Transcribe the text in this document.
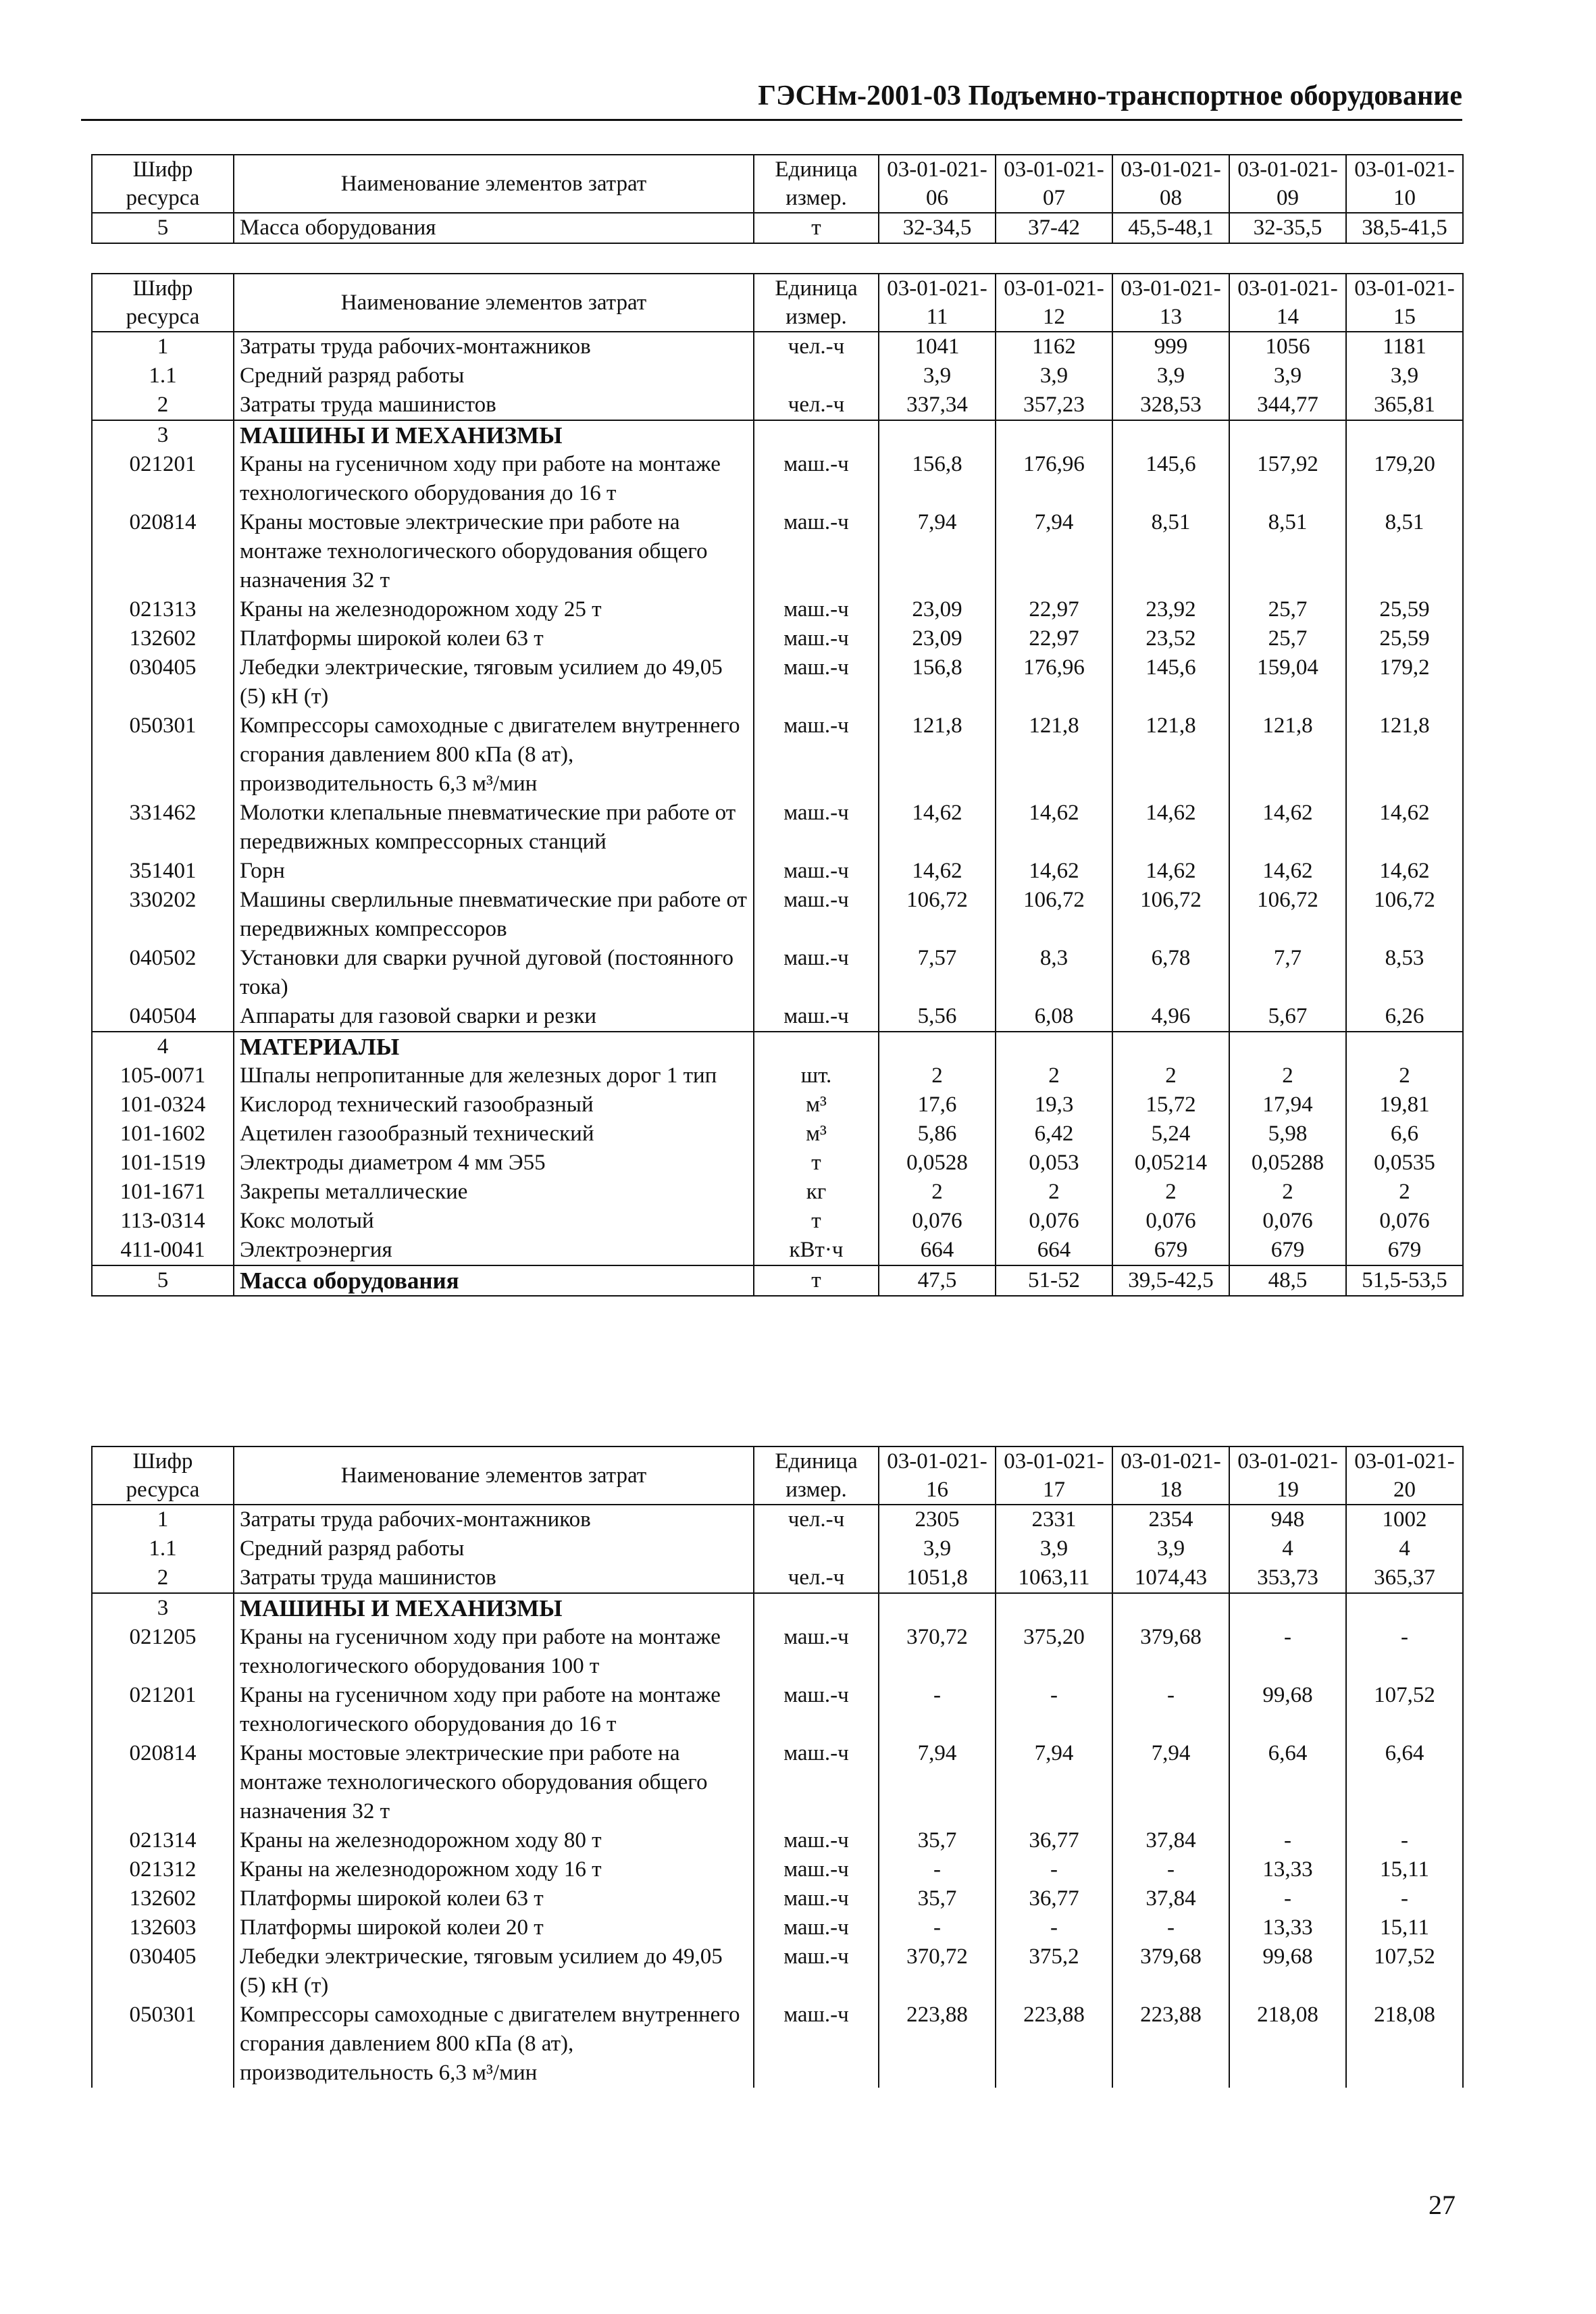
ГЭСНм-2001-03 Подъемно-транспортное оборудование
Шифр ресурса	Наименование элементов затрат	Единица измер.	03-01-021-06	03-01-021-07	03-01-021-08	03-01-021-09	03-01-021-10
5	Масса оборудования	т	32-34,5	37-42	45,5-48,1	32-35,5	38,5-41,5
Шифр ресурса	Наименование элементов затрат	Единица измер.	03-01-021-11	03-01-021-12	03-01-021-13	03-01-021-14	03-01-021-15
1	Затраты труда рабочих-монтажников	чел.-ч	1041	1162	999	1056	1181
1.1	Средний разряд работы		3,9	3,9	3,9	3,9	3,9
2	Затраты труда машинистов	чел.-ч	337,34	357,23	328,53	344,77	365,81
3	МАШИНЫ И МЕХАНИЗМЫ						
021201	Краны на гусеничном ходу при работе на монтаже технологического оборудования до 16 т	маш.-ч	156,8	176,96	145,6	157,92	179,20
020814	Краны мостовые электрические при работе на монтаже технологического оборудования общего назначения 32 т	маш.-ч	7,94	7,94	8,51	8,51	8,51
021313	Краны на железнодорожном ходу 25 т	маш.-ч	23,09	22,97	23,92	25,7	25,59
132602	Платформы широкой колеи 63 т	маш.-ч	23,09	22,97	23,52	25,7	25,59
030405	Лебедки электрические, тяговым усилием до 49,05 (5) кН (т)	маш.-ч	156,8	176,96	145,6	159,04	179,2
050301	Компрессоры самоходные с двигателем внутреннего сгорания давлением 800 кПа (8 ат), производительность 6,3 м³/мин	маш.-ч	121,8	121,8	121,8	121,8	121,8
331462	Молотки клепальные пневматические при работе от передвижных компрессорных станций	маш.-ч	14,62	14,62	14,62	14,62	14,62
351401	Горн	маш.-ч	14,62	14,62	14,62	14,62	14,62
330202	Машины сверлильные пневматические при работе от передвижных компрессоров	маш.-ч	106,72	106,72	106,72	106,72	106,72
040502	Установки для сварки ручной дуговой (постоянного тока)	маш.-ч	7,57	8,3	6,78	7,7	8,53
040504	Аппараты для газовой сварки и резки	маш.-ч	5,56	6,08	4,96	5,67	6,26
4	МАТЕРИАЛЫ						
105-0071	Шпалы непропитанные для железных дорог 1 тип	шт.	2	2	2	2	2
101-0324	Кислород технический газообразный	м³	17,6	19,3	15,72	17,94	19,81
101-1602	Ацетилен газообразный технический	м³	5,86	6,42	5,24	5,98	6,6
101-1519	Электроды диаметром 4 мм Э55	т	0,0528	0,053	0,05214	0,05288	0,0535
101-1671	Закрепы металлические	кг	2	2	2	2	2
113-0314	Кокс молотый	т	0,076	0,076	0,076	0,076	0,076
411-0041	Электроэнергия	кВт·ч	664	664	679	679	679
5	Масса оборудования	т	47,5	51-52	39,5-42,5	48,5	51,5-53,5
Шифр ресурса	Наименование элементов затрат	Единица измер.	03-01-021-16	03-01-021-17	03-01-021-18	03-01-021-19	03-01-021-20
1	Затраты труда рабочих-монтажников	чел.-ч	2305	2331	2354	948	1002
1.1	Средний разряд работы		3,9	3,9	3,9	4	4
2	Затраты труда машинистов	чел.-ч	1051,8	1063,11	1074,43	353,73	365,37
3	МАШИНЫ И МЕХАНИЗМЫ						
021205	Краны на гусеничном ходу при работе на монтаже технологического оборудования 100 т	маш.-ч	370,72	375,20	379,68	-	-
021201	Краны на гусеничном ходу при работе на монтаже технологического оборудования до 16 т	маш.-ч	-	-	-	99,68	107,52
020814	Краны мостовые электрические при работе на монтаже технологического оборудования общего назначения 32 т	маш.-ч	7,94	7,94	7,94	6,64	6,64
021314	Краны на железнодорожном ходу 80 т	маш.-ч	35,7	36,77	37,84	-	-
021312	Краны на железнодорожном ходу 16 т	маш.-ч	-	-	-	13,33	15,11
132602	Платформы широкой колеи 63 т	маш.-ч	35,7	36,77	37,84	-	-
132603	Платформы широкой колеи 20 т	маш.-ч	-	-	-	13,33	15,11
030405	Лебедки электрические, тяговым усилием до 49,05 (5) кН (т)	маш.-ч	370,72	375,2	379,68	99,68	107,52
050301	Компрессоры самоходные с двигателем внутреннего сгорания давлением 800 кПа (8 ат), производительность 6,3 м³/мин	маш.-ч	223,88	223,88	223,88	218,08	218,08
27
